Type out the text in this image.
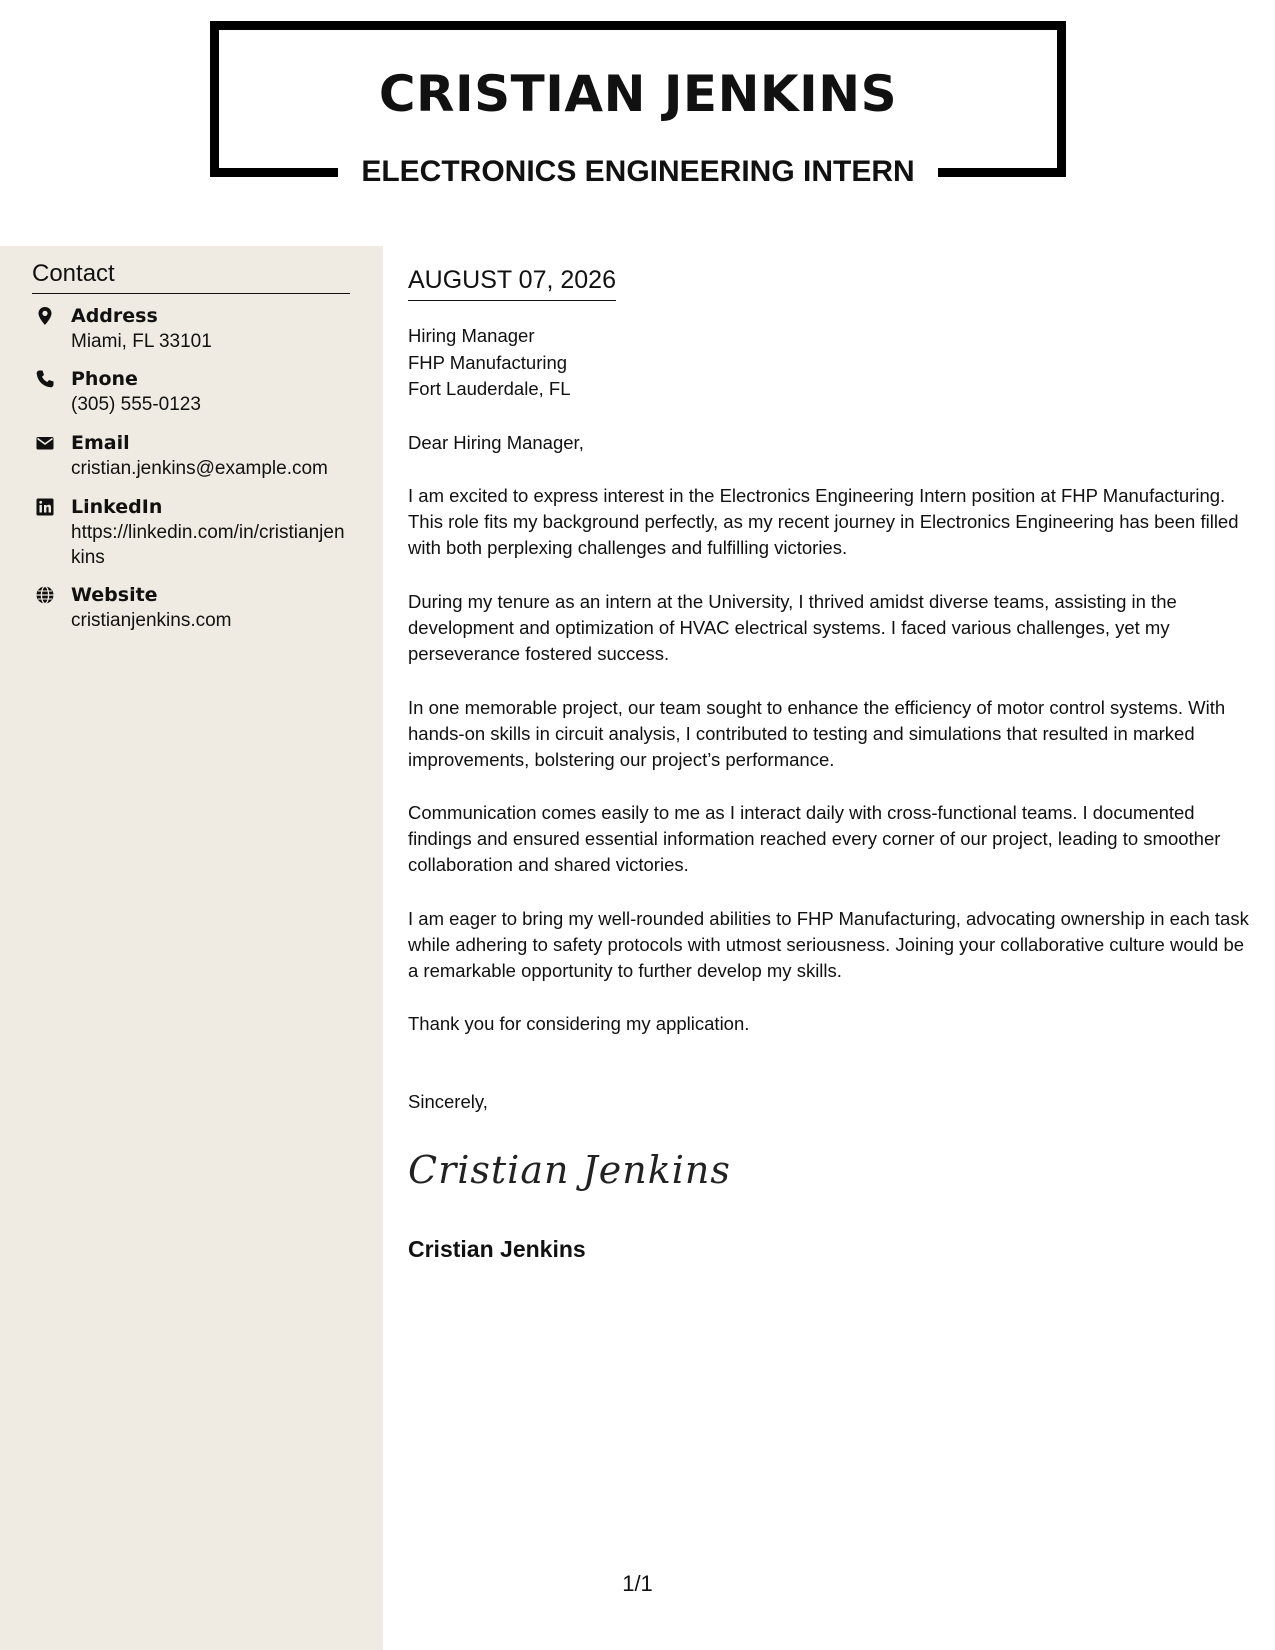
CRISTIAN JENKINS
ELECTRONICS ENGINEERING INTERN
Contact
Address
Miami, FL 33101
Phone
(305) 555-0123
Email
cristian.jenkins@example.com
LinkedIn
https://linkedin.com/in/cristianjenkins
Website
cristianjenkins.com
AUGUST 07, 2026
Hiring Manager
FHP Manufacturing
Fort Lauderdale, FL
Dear Hiring Manager,

I am excited to express interest in the Electronics Engineering Intern position at FHP Manufacturing. This role fits my background perfectly, as my recent journey in Electronics Engineering has been filled with both perplexing challenges and fulfilling victories.

During my tenure as an intern at the University, I thrived amidst diverse teams, assisting in the development and optimization of HVAC electrical systems. I faced various challenges, yet my perseverance fostered success.

In one memorable project, our team sought to enhance the efficiency of motor control systems. With hands-on skills in circuit analysis, I contributed to testing and simulations that resulted in marked improvements, bolstering our project’s performance.

Communication comes easily to me as I interact daily with cross-functional teams. I documented findings and ensured essential information reached every corner of our project, leading to smoother collaboration and shared victories.

I am eager to bring my well-rounded abilities to FHP Manufacturing, advocating ownership in each task while adhering to safety protocols with utmost seriousness. Joining your collaborative culture would be a remarkable opportunity to further develop my skills.

Thank you for considering my application.

Sincerely,
Cristian Jenkins
Cristian Jenkins
1/1
